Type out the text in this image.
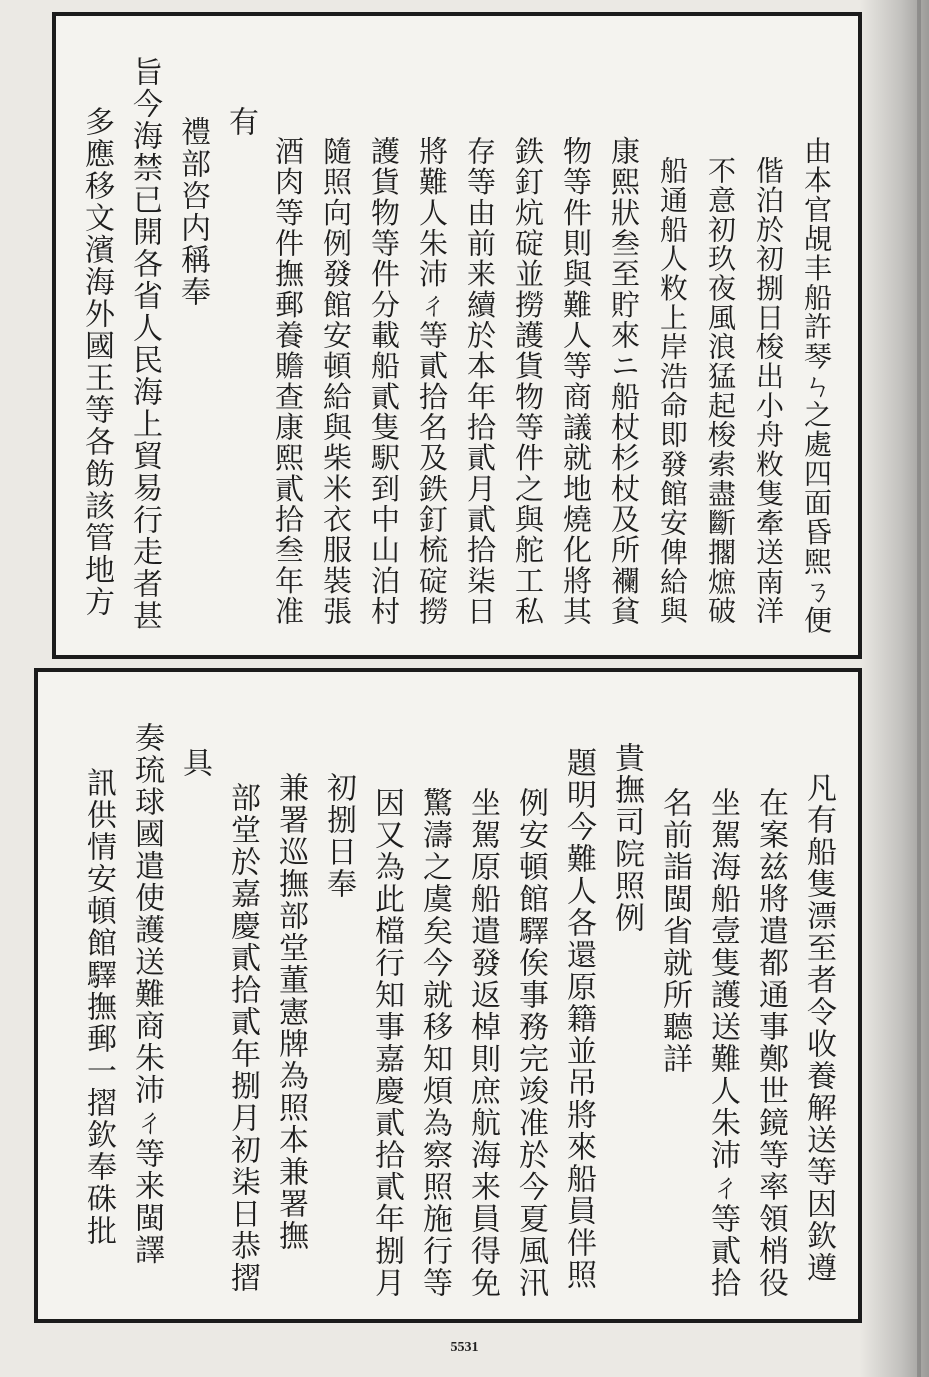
由本官覘丰船許琴ㄣ之處四面昏煕ㄋ便
偕泊於初捌日梭出小舟敉隻牽送南洋
不意初玖夜風浪猛起梭索盡斷擱熫破
船通船人敉上岸浩命即發館安俾給與
康熙狀叁至貯來ニ船杖杉杖及所襴貧
物等件則與難人等商議就地燒化將其
鉄釘炕碇並撈護貨物等件之與舵工私
存等由前来續於本年拾貳月貳拾柒日
將難人朱沛ㄔ等貳拾名及鉄釘梳碇撈
護貨物等件分載船貳隻駅到中山泊村
隨照向例發館安頓給與柴米衣服裝張
酒肉等件撫郵養贍查康熙貳拾叁年准
有
禮部咨内稱奉
旨今海禁已開各省人民海上貿易行走者甚
多應移文濱海外國王等各飭該管地方
凡有船隻漂至者令收養解送等因欽遵
在案兹將遣都通事鄭世鏡等率領梢役
坐駕海船壹隻護送難人朱沛ㄔ等貳拾
名前詣閩省就所聽詳
貴撫司院照例
題明今難人各還原籍並吊將來船員伴照
例安頓館驛俟事務完竣准於今夏風汛
坐駕原船遣發返棹則庶航海来員得免
驚濤之虞矣今就移知煩為察照施行等
因又為此檔行知事嘉慶貳拾貳年捌月
初捌日奉
兼署巡撫部堂董憲牌為照本兼署撫
部堂於嘉慶貳拾貳年捌月初柒日恭摺
具
奏琉球國遣使護送難商朱沛ㄔ等来閩譯
訊供情安頓館驛撫郵一摺欽奉硃批
5531
